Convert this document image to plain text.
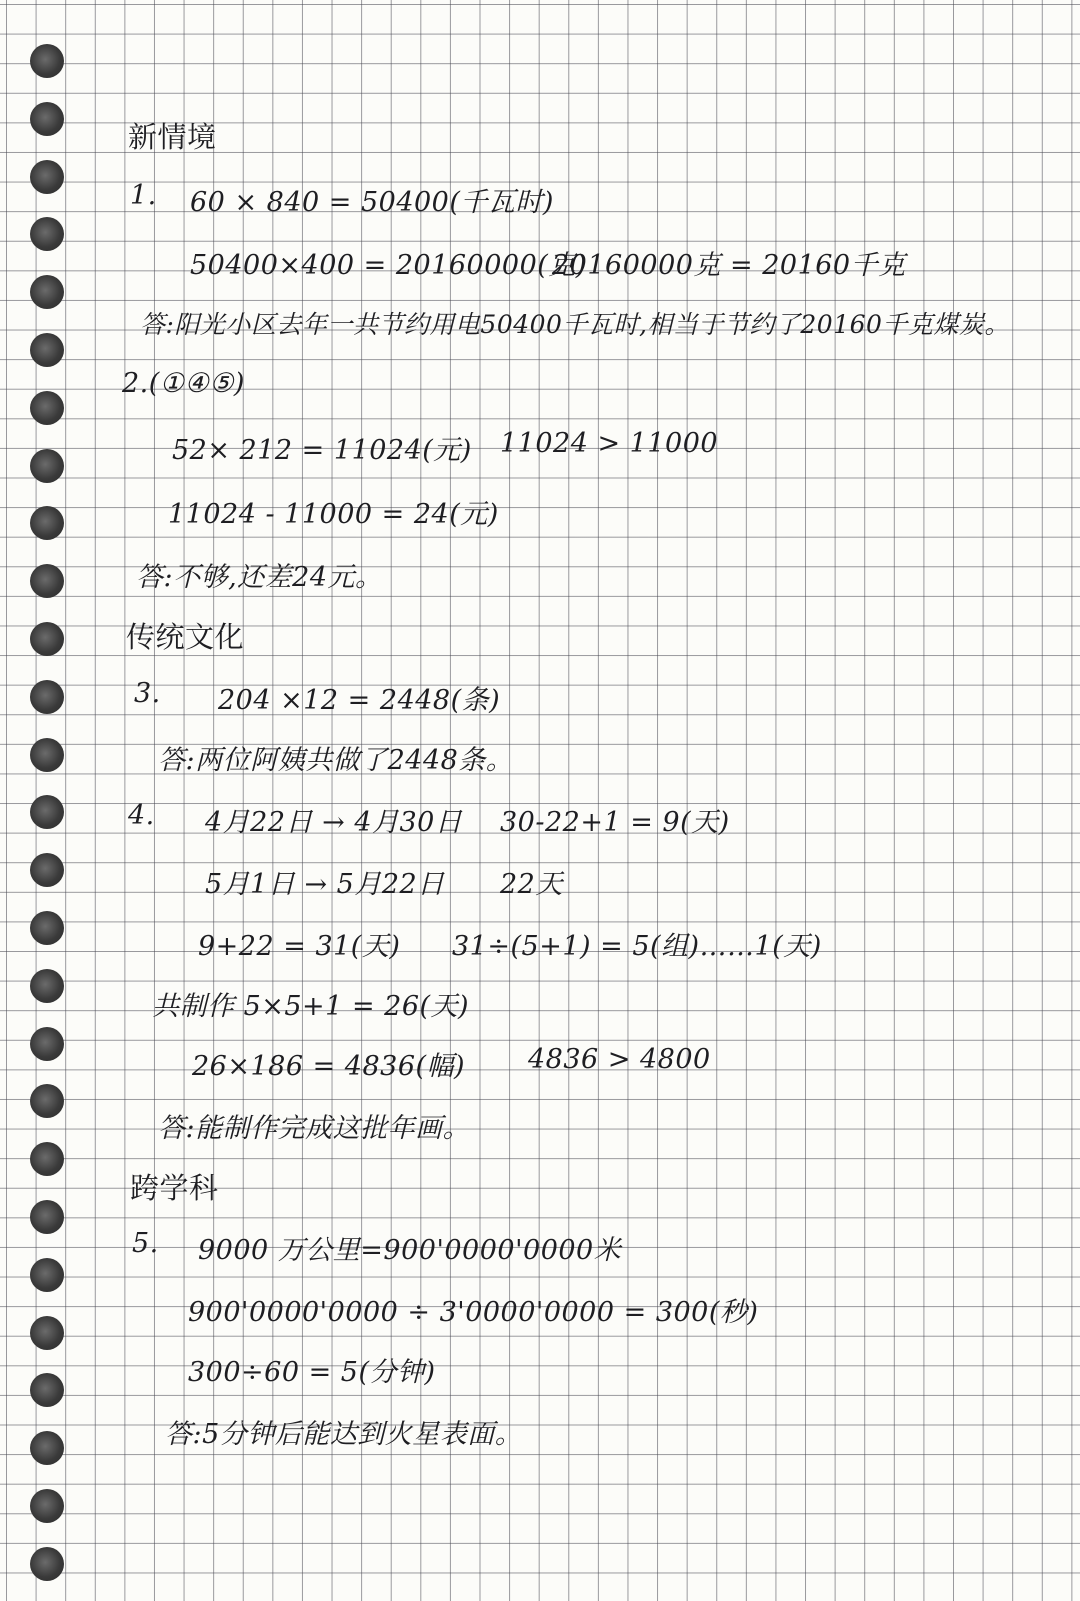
新情境
1. 60 × 840 = 50400(千瓦时)
50400×400 = 20160000(克)
20160000克 = 20160千克
答:阳光小区去年一共节约用电50400千瓦时,相当于节约了20160千克煤炭。
2.(①④⑤)
52× 212 = 11024(元) 11024 > 11000
11024 - 11000 = 24(元)
答:不够,还差24元。
传统文化
3. 204 ×12 = 2448(条)
答:两位阿姨共做了2448条。
4. 4月22日 → 4月30日 30-22+1 = 9(天)
5月1日 → 5月22日 22天
9+22 = 31(天) 31÷(5+1) = 5(组)……1(天)
共制作 5×5+1 = 26(天)
26×186 = 4836(幅) 4836 > 4800
答:能制作完成这批年画。
跨学科
5. 9000 万公里=900'0000'0000米
900'0000'0000 ÷ 3'0000'0000 = 300(秒)
300÷60 = 5(分钟)
答:5分钟后能达到火星表面。
